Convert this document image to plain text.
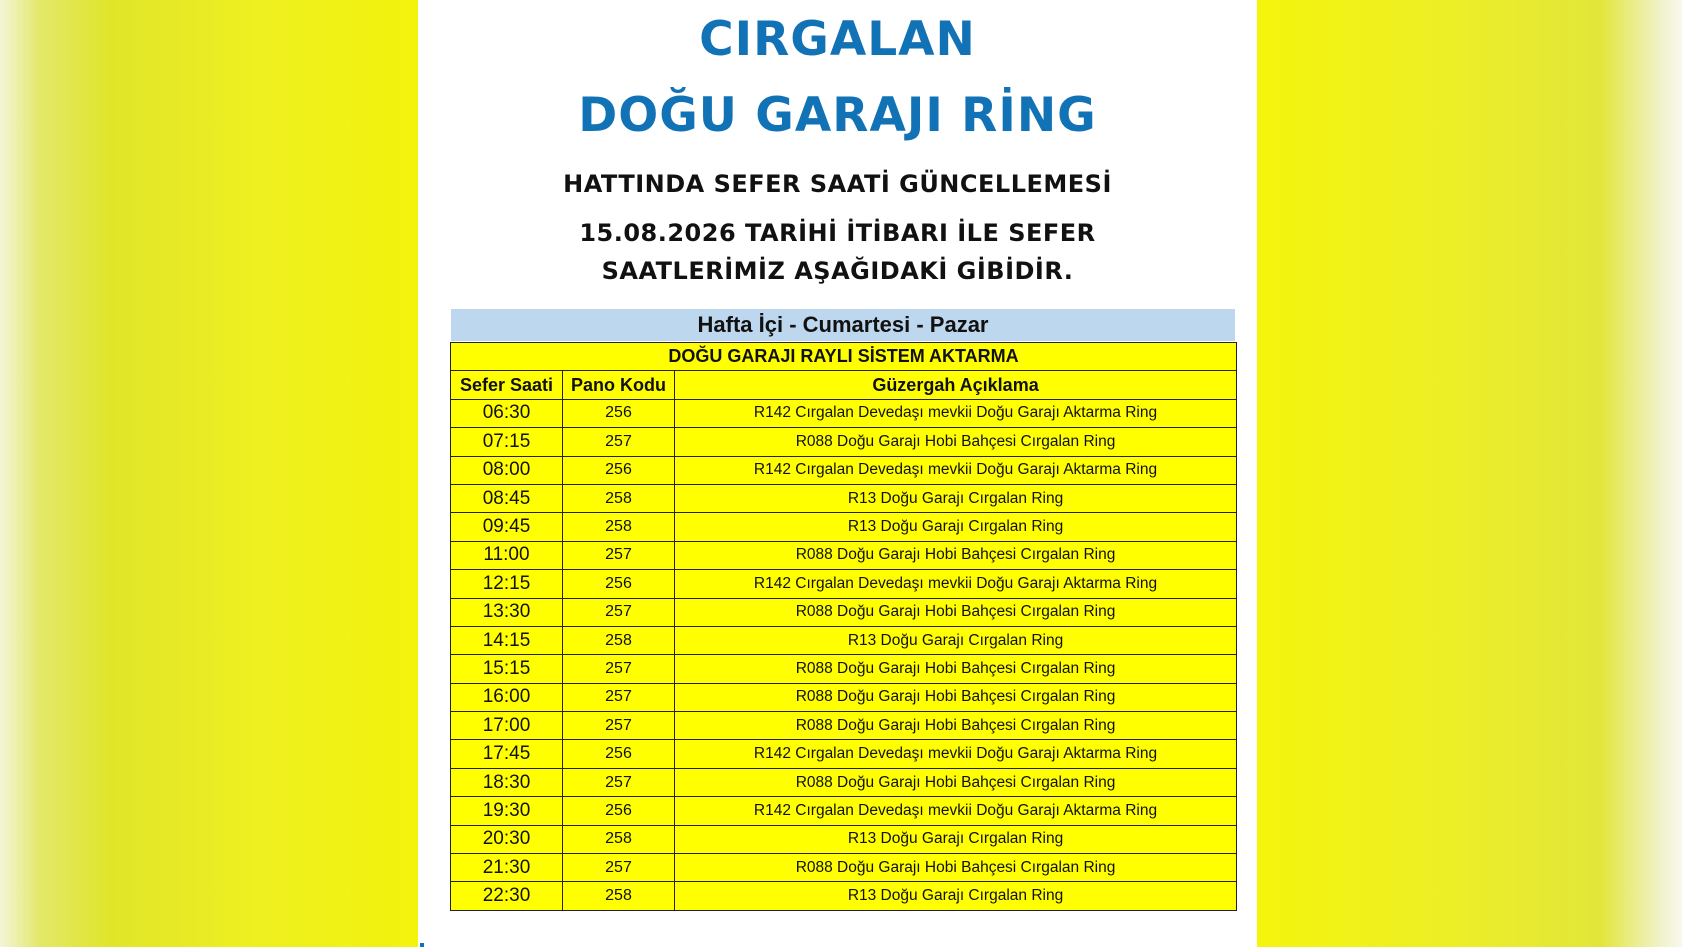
CIRGALAN
DOĞU GARAJI RİNG
HATTINDA SEFER SAATİ GÜNCELLEMESİ
15.08.2026 TARİHİ İTİBARI İLE SEFER
SAATLERİMİZ AŞAĞIDAKİ GİBİDİR.
Hafta İçi - Cumartesi - Pazar
DOĞU GARAJI RAYLI SİSTEM AKTARMA		
Sefer Saati	Pano Kodu	Güzergah Açıklama
06:30	256	R142 Cırgalan Devedaşı mevkii Doğu Garajı Aktarma Ring
07:15	257	R088 Doğu Garajı Hobi Bahçesi Cırgalan Ring
08:00	256	R142 Cırgalan Devedaşı mevkii Doğu Garajı Aktarma Ring
08:45	258	R13 Doğu Garajı Cırgalan Ring
09:45	258	R13 Doğu Garajı Cırgalan Ring
11:00	257	R088 Doğu Garajı Hobi Bahçesi Cırgalan Ring
12:15	256	R142 Cırgalan Devedaşı mevkii Doğu Garajı Aktarma Ring
13:30	257	R088 Doğu Garajı Hobi Bahçesi Cırgalan Ring
14:15	258	R13 Doğu Garajı Cırgalan Ring
15:15	257	R088 Doğu Garajı Hobi Bahçesi Cırgalan Ring
16:00	257	R088 Doğu Garajı Hobi Bahçesi Cırgalan Ring
17:00	257	R088 Doğu Garajı Hobi Bahçesi Cırgalan Ring
17:45	256	R142 Cırgalan Devedaşı mevkii Doğu Garajı Aktarma Ring
18:30	257	R088 Doğu Garajı Hobi Bahçesi Cırgalan Ring
19:30	256	R142 Cırgalan Devedaşı mevkii Doğu Garajı Aktarma Ring
20:30	258	R13 Doğu Garajı Cırgalan Ring
21:30	257	R088 Doğu Garajı Hobi Bahçesi Cırgalan Ring
22:30	258	R13 Doğu Garajı Cırgalan Ring
